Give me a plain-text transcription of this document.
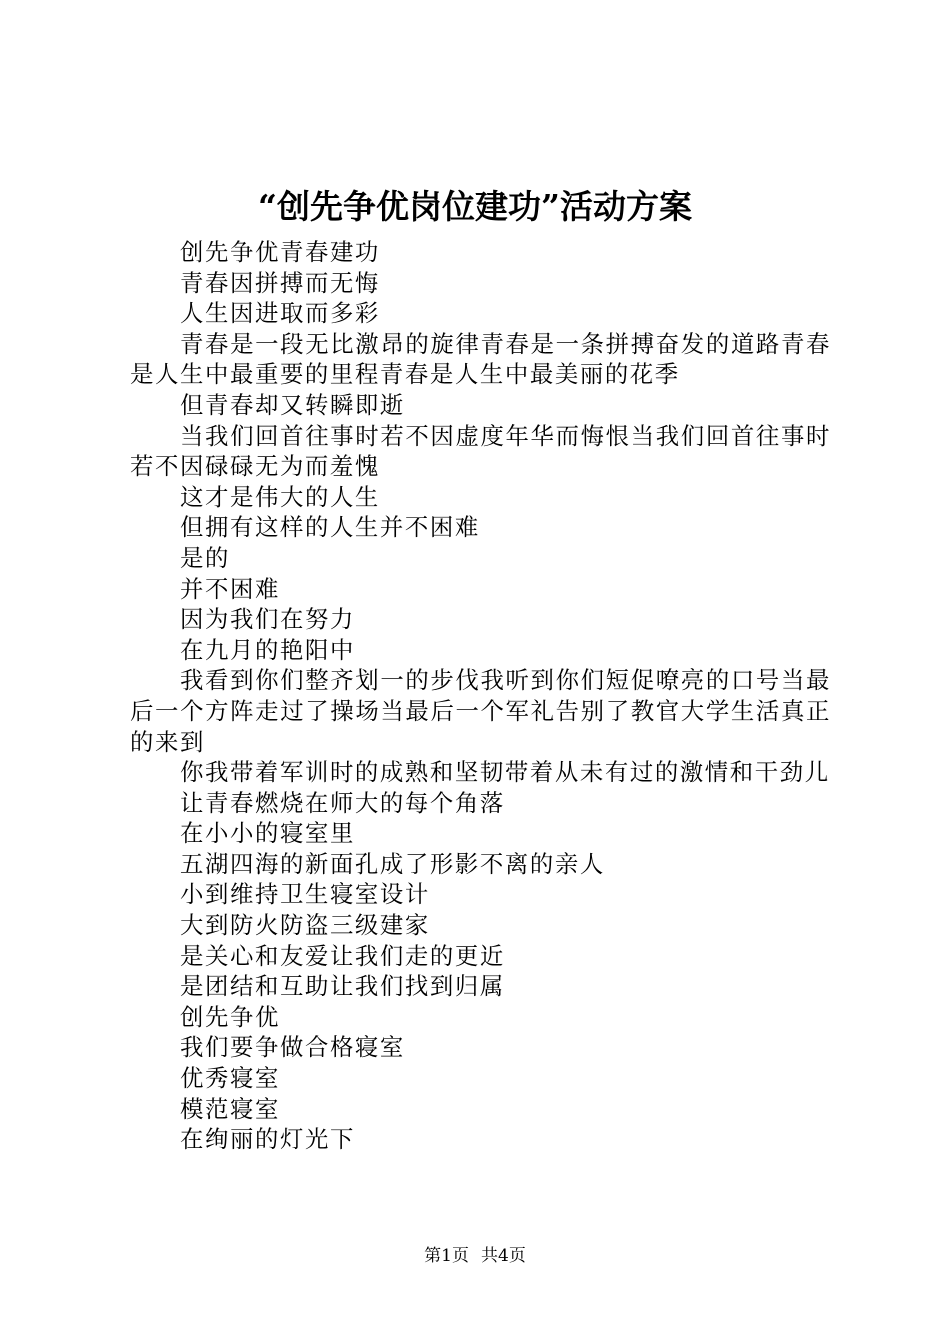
“创先争优岗位建功”活动方案

创先争优青春建功

青春因拼搏而无悔

人生因进取而多彩

青春是一段无比激昂的旋律青春是一条拼搏奋发的道路青春是人生中最重要的里程青春是人生中最美丽的花季

但青春却又转瞬即逝

当我们回首往事时若不因虚度年华而悔恨当我们回首往事时若不因碌碌无为而羞愧

这才是伟大的人生

但拥有这样的人生并不困难

是的

并不困难

因为我们在努力

在九月的艳阳中

我看到你们整齐划一的步伐我听到你们短促嘹亮的口号当最后一个方阵走过了操场当最后一个军礼告别了教官大学生活真正的来到

你我带着军训时的成熟和坚韧带着从未有过的激情和干劲儿

让青春燃烧在师大的每个角落

在小小的寝室里

五湖四海的新面孔成了形影不离的亲人

小到维持卫生寝室设计

大到防火防盗三级建家

是关心和友爱让我们走的更近

是团结和互助让我们找到归属

创先争优

我们要争做合格寝室

优秀寝室

模范寝室

在绚丽的灯光下

第1页 共4页
